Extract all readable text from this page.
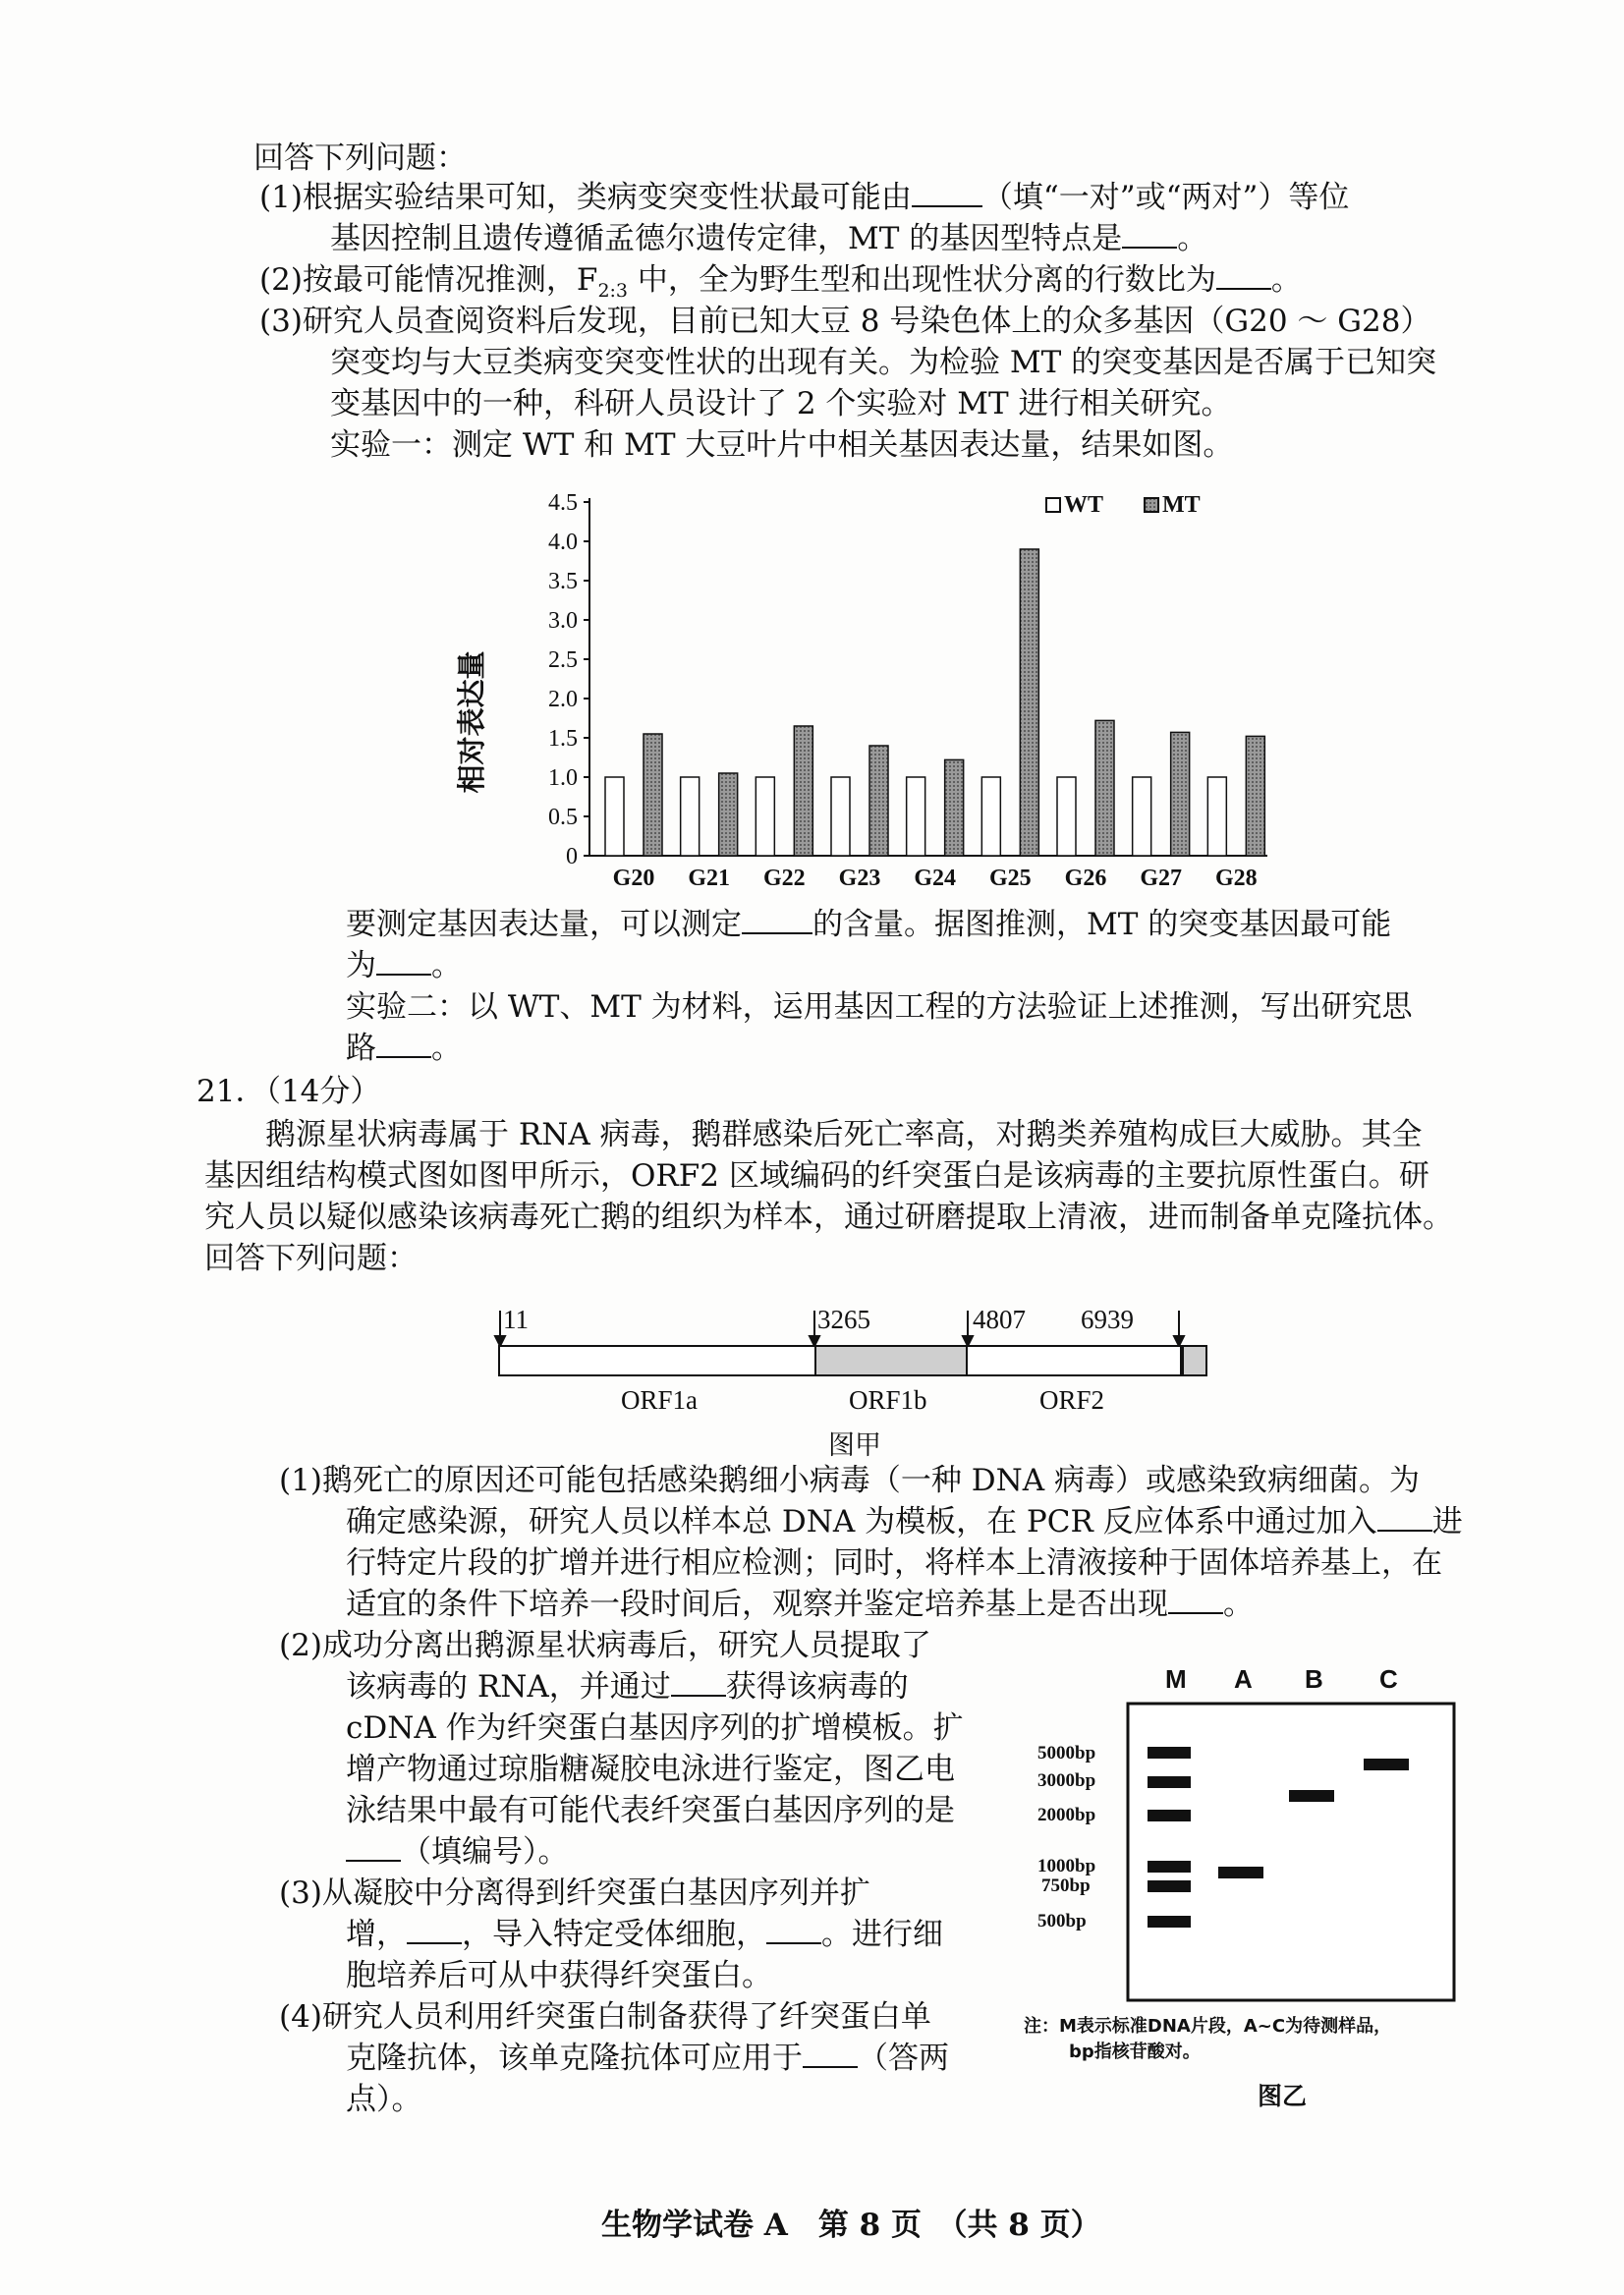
回答下列问题：
(1)根据实验结果可知，类病变突变性状最可能由 （填“一对”或“两对”）等位
基因控制且遗传遵循孟德尔遗传定律，MT 的基因型特点是 。
(2)按最可能情况推测，$F_{2:3}$ 中，全为野生型和出现性状分离的行数比为 。
(3)研究人员查阅资料后发现，目前已知大豆 8 号染色体上的众多基因（G20 ～ G28）
突变均与大豆类病变突变性状的出现有关。为检验 MT 的突变基因是否属于已知突
变基因中的一种，科研人员设计了 2 个实验对 MT 进行相关研究。
实验一：测定 WT 和 MT 大豆叶片中相关基因表达量，结果如图。
0
0.5
1.0
1.5
2.0
2.5
3.0
3.5
4.0
4.5
相对表达量
G20 G21 G22 G23 G24 G25 G26 G27 G28
WT MT
要测定基因表达量，可以测定 的含量。据图推测，MT 的突变基因最可能
为 。
实验二：以 WT、MT 为材料，运用基因工程的方法验证上述推测，写出研究思
路 。
21．（14分）
鹅源星状病毒属于 RNA 病毒，鹅群感染后死亡率高，对鹅类养殖构成巨大威胁。其全
基因组结构模式图如图甲所示，ORF2 区域编码的纤突蛋白是该病毒的主要抗原性蛋白。研
究人员以疑似感染该病毒死亡鹅的组织为样本，通过研磨提取上清液，进而制备单克隆抗体。
回答下列问题：
11	3265	4807 6939
ORF1a	ORF1b	ORF2
图甲
(1)鹅死亡的原因还可能包括感染鹅细小病毒（一种 DNA 病毒）或感染致病细菌。为
确定感染源，研究人员以样本总 DNA 为模板，在 PCR 反应体系中通过加入 进
行特定片段的扩增并进行相应检测；同时，将样本上清液接种于固体培养基上，在
适宜的条件下培养一段时间后，观察并鉴定培养基上是否出现 。
(2)成功分离出鹅源星状病毒后，研究人员提取了
该病毒的 RNA，并通过 获得该病毒的
cDNA 作为纤突蛋白基因序列的扩增模板。扩
增产物通过琼脂糖凝胶电泳进行鉴定，图乙电
泳结果中最有可能代表纤突蛋白基因序列的是
（填编号）。
(3)从凝胶中分离得到纤突蛋白基因序列并扩
增， ，导入特定受体细胞， 。进行细
胞培养后可从中获得纤突蛋白。
(4)研究人员利用纤突蛋白制备获得了纤突蛋白单
克隆抗体，该单克隆抗体可应用于 （答两
点）。
M A B C
5000bp
3000bp
2000bp
1000bp
750bp
500bp
注：M表示标准DNA片段，A~C为待测样品，
bp指核苷酸对。
图乙
生物学试卷 A　第 8 页　（共 8 页）
